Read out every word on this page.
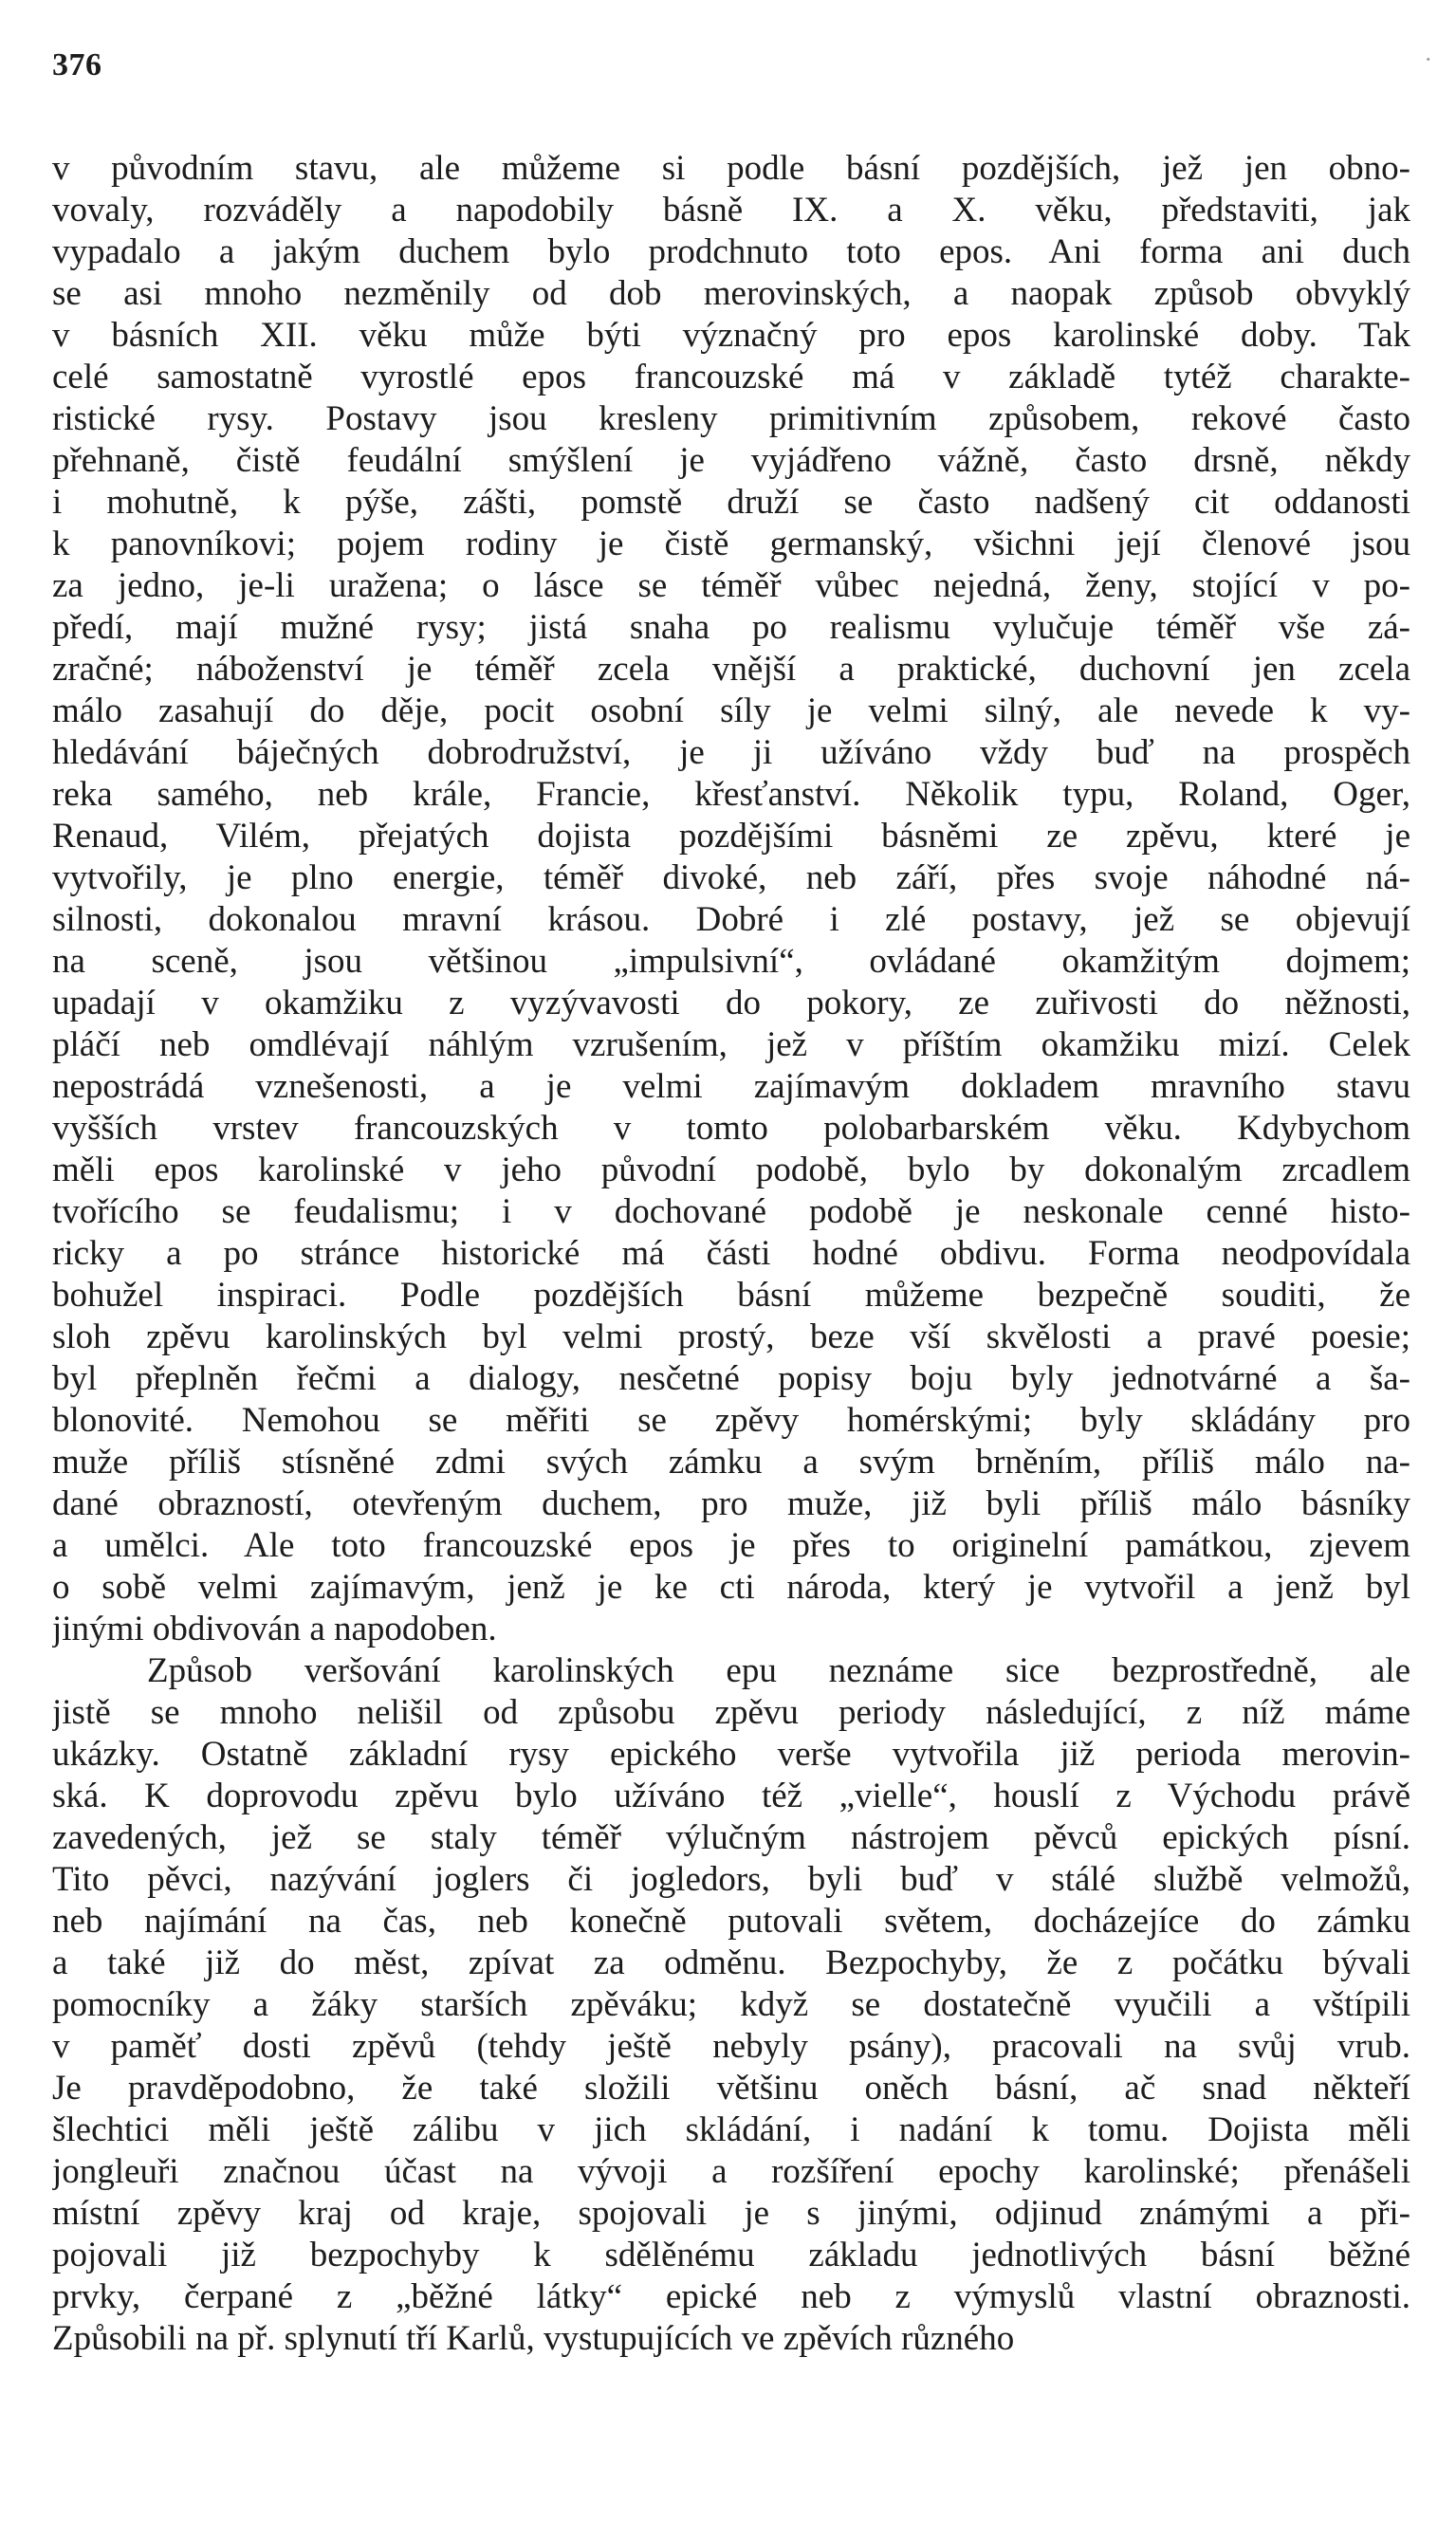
376	·
v původním stavu, ale můžeme si podle básní pozdějších, jež jen obno-
vovaly, rozváděly a napodobily básně IX. a X. věku, představiti, jak
vypadalo a jakým duchem bylo prodchnuto toto epos. Ani forma ani duch
se asi mnoho nezměnily od dob merovinských, a naopak způsob obvyklý
v básních XII. věku může býti význačný pro epos karolinské doby. Tak
celé samostatně vyrostlé epos francouzské má v základě tytéž charakte-
ristické rysy. Postavy jsou kresleny primitivním způsobem, rekové často
přehnaně, čistě feudální smýšlení je vyjádřeno vážně, často drsně, někdy
i mohutně, k pýše, zášti, pomstě druží se často nadšený cit oddanosti
k panovníkovi; pojem rodiny je čistě germanský, všichni její členové jsou
za jedno, je-li uražena; o lásce se téměř vůbec nejedná, ženy, stojící v po-
předí, mají mužné rysy; jistá snaha po realismu vylučuje téměř vše zá-
zračné; náboženství je téměř zcela vnější a praktické, duchovní jen zcela
málo zasahují do děje, pocit osobní síly je velmi silný, ale nevede k vy-
hledávání báječných dobrodružství, je ji užíváno vždy buď na prospěch
reka samého, neb krále, Francie, křesťanství. Několik typu, Roland, Oger,
Renaud, Vilém, přejatých dojista pozdějšími básněmi ze zpěvu, které je
vytvořily, je plno energie, téměř divoké, neb září, přes svoje náhodné ná-
silnosti, dokonalou mravní krásou. Dobré i zlé postavy, jež se objevují
na sceně, jsou většinou „impulsivní“, ovládané okamžitým dojmem;
upadají v okamžiku z vyzývavosti do pokory, ze zuřivosti do něžnosti,
pláčí neb omdlévají náhlým vzrušením, jež v příštím okamžiku mizí. Celek
nepostrádá vznešenosti, a je velmi zajímavým dokladem mravního stavu
vyšších vrstev francouzských v tomto polobarbarském věku. Kdybychom
měli epos karolinské v jeho původní podobě, bylo by dokonalým zrcadlem
tvořícího se feudalismu; i v dochované podobě je neskonale cenné histo-
ricky a po stránce historické má části hodné obdivu. Forma neodpovídala
bohužel inspiraci. Podle pozdějších básní můžeme bezpečně souditi, že
sloh zpěvu karolinských byl velmi prostý, beze vší skvělosti a pravé poesie;
byl přeplněn řečmi a dialogy, nesčetné popisy boju byly jednotvárné a ša-
blonovité. Nemohou se měřiti se zpěvy homérskými; byly skládány pro
muže příliš stísněné zdmi svých zámku a svým brněním, příliš málo na-
dané obrazností, otevřeným duchem, pro muže, již byli příliš málo básníky
a umělci. Ale toto francouzské epos je přes to originelní památkou, zjevem
o sobě velmi zajímavým, jenž je ke cti národa, který je vytvořil a jenž byl
jinými obdivován a napodoben.
Způsob veršování karolinských epu neznáme sice bezprostředně, ale
jistě se mnoho nelišil od způsobu zpěvu periody následující, z níž máme
ukázky. Ostatně základní rysy epického verše vytvořila již perioda merovin-
ská. K doprovodu zpěvu bylo užíváno též „vielle“, houslí z Východu právě
zavedených, jež se staly téměř výlučným nástrojem pěvců epických písní.
Tito pěvci, nazývání joglers či jogledors, byli buď v stálé službě velmožů,
neb najímání na čas, neb konečně putovali světem, docházejíce do zámku
a také již do měst, zpívat za odměnu. Bezpochyby, že z počátku bývali
pomocníky a žáky starších zpěváku; když se dostatečně vyučili a vštípili
v paměť dosti zpěvů (tehdy ještě nebyly psány), pracovali na svůj vrub.
Je pravděpodobno, že také složili většinu oněch básní, ač snad někteří
šlechtici měli ještě zálibu v jich skládání, i nadání k tomu. Dojista měli
jongleuři značnou účast na vývoji a rozšíření epochy karolinské; přenášeli
místní zpěvy kraj od kraje, spojovali je s jinými, odjinud známými a při-
pojovali již bezpochyby k sdělěnému základu jednotlivých básní běžné
prvky, čerpané z „běžné látky“ epické neb z výmyslů vlastní obraznosti.
Způsobili na př. splynutí tří Karlů, vystupujících ve zpěvích různého
